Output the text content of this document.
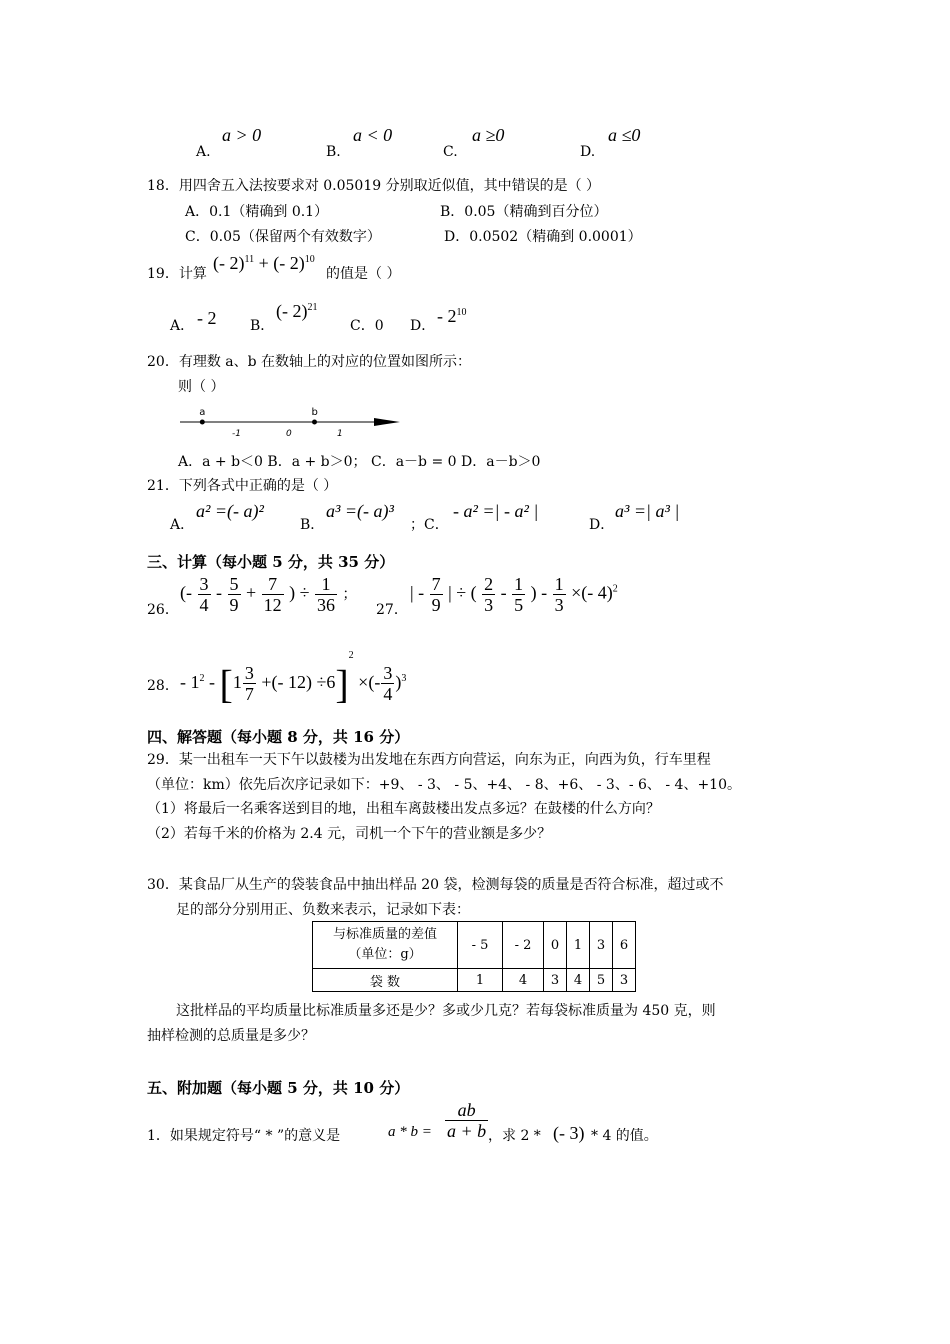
A.
a > 0
B.
a < 0
C.
a ≥0
D.
a ≤0
18．用四舍五入法按要求对 0.05019 分别取近似值，其中错误的是（ ）
A．0.1（精确到 0.1）	B．0.05（精确到百分位）
C．0.05（保留两个有效数字）	D．0.0502（精确到 0.0001）
19．计算
(- 2)$^{11}$ + (- 2)$^{10}$
的值是（ ）
A． - 2 B．
(- 2)$^{21}$
C．0 D． - $2^{10}$
20．有理数 a、b 在数轴上的对应的位置如图所示：
则（ ）
a	b
-1	0	1
A．a + b＜0 B．a + b＞0； C．a－b = 0 D．a－b＞0
21．下列各式中正确的是（ ）
A．
a² =(- a)²
B．
a³ =(- a)³
；C．
- a² =| - a² |
D．
a³ =| a³ |
三、计算（每小题 5 分，共 35 分）
26．
(- $\frac{3}{4} - \frac{5}{9} + \frac{7}{12}$ ) ÷ $\frac{1}{36}$ ；
27．
| - $\frac{7}{9}$ | ÷ ( $\frac{2}{3} - \frac{1}{5}$ ) - $\frac{1}{3}$ ×(- 4)$^2$
28． - $1^2 - [1 \frac{3}{7}$ +(- 12) ÷6]$^2$ ×(- $\frac{3}{4} )^3$
四、解答题（每小题 8 分，共 16 分）
29．某一出租车一天下午以鼓楼为出发地在东西方向营运，向东为正，向西为负，行车里程
（单位：km）依先后次序记录如下：+9、 - 3、 - 5、+4、 - 8、+6、 - 3、- 6、 - 4、+10。
（1）将最后一名乘客送到目的地，出租车离鼓楼出发点多远？在鼓楼的什么方向？
（2）若每千米的价格为 2.4 元，司机一个下午的营业额是多少？
30．某食品厂从生产的袋装食品中抽出样品 20 袋，检测每袋的质量是否符合标准，超过或不
足的部分分别用正、负数来表示，记录如下表：
与标准质量的差值
（单位：g）	- 5	- 2	0	1	3	6
袋 数	1	4	3	4	5	3
这批样品的平均质量比标准质量多还是少？多或少几克？若每袋标准质量为 450 克，则
抽样检测的总质量是多少？
五、附加题（每小题 5 分，共 10 分）
1．如果规定符号“ * ”的意义是	$a * b = \frac{ab}{a + b}$ ，求 2 * (- 3) * 4 的值。
